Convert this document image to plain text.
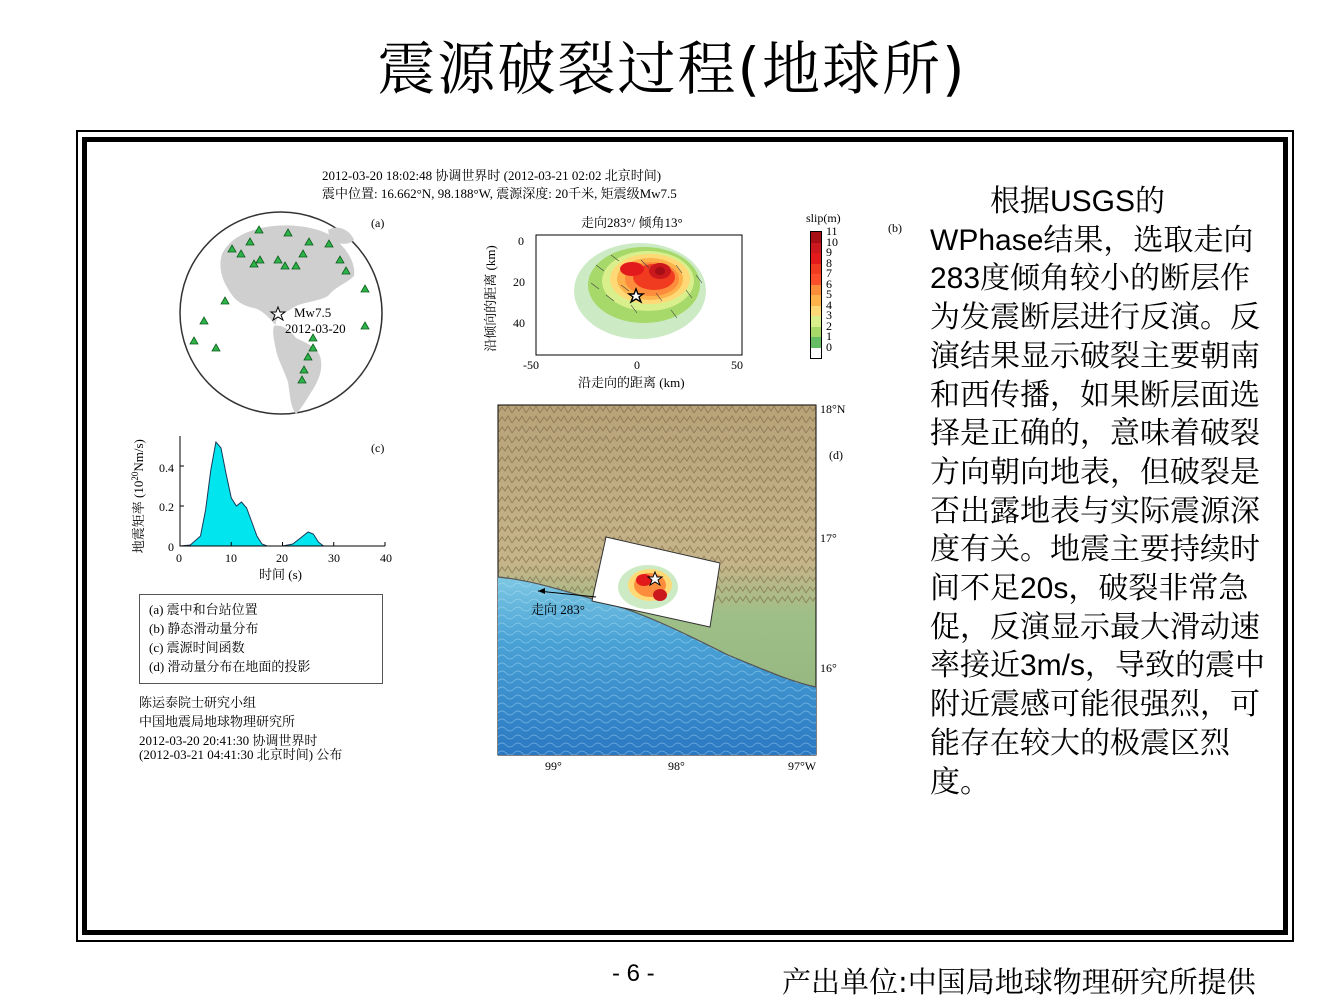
震源破裂过程(地球所)
2012-03-20 18:02:48 协调世界时 (2012-03-21 02:02 北京时间)
震中位置: 16.662°N, 98.188°W, 震源深度: 20千米, 矩震级Mw7.5
(a)
Mw7.5
2012-03-20
走向283°/ 倾角13°	(b)
slip(m)
0
20
40
-50	0	50
沿走向的距离 (km)
沿倾向的距离 (km)
11
10
9
8
7
6
5
4
3
2
1
0
(c)
0.4
0.2
0
0	10	20	30	40
时间 (s)
地震矩率 $(10^{20}Nm/s)$
(a) 震中和台站位置
(b) 静态滑动量分布
(c) 震源时间函数
(d) 滑动量分布在地面的投影
陈运泰院士研究小组
中国地震局地球物理研究所
2012-03-20 20:41:30 协调世界时
(2012-03-21 04:41:30 北京时间) 公布
(d)
走向 283°
18°N
17°
16°
99°	98°	97°W
　　根据USGS的WPhase结果，选取走向283度倾角较小的断层作为发震断层进行反演。反演结果显示破裂主要朝南和西传播，如果断层面选择是正确的，意味着破裂方向朝向地表，但破裂是否出露地表与实际震源深度有关。地震主要持续时间不足20s，破裂非常急促，反演显示最大滑动速率接近3m/s，导致的震中附近震感可能很强烈，可能存在较大的极震区烈度。
- 6 -	产出单位:中国局地球物理研究所提供
